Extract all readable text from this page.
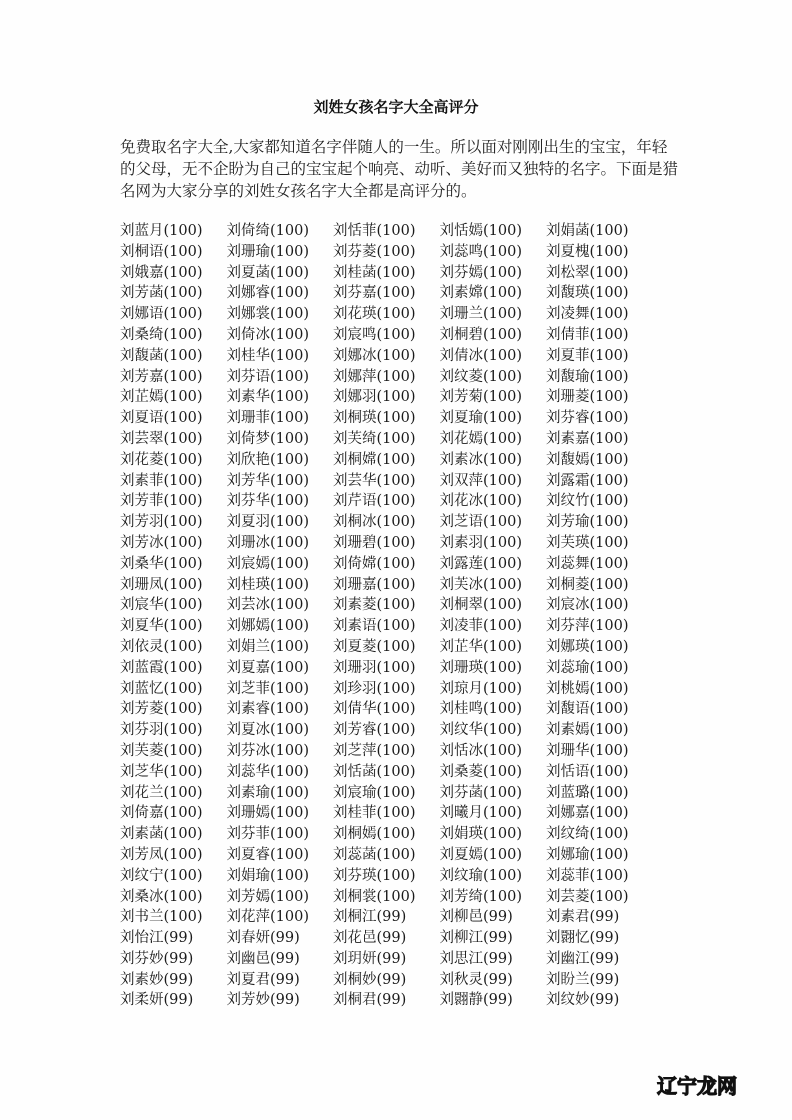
刘姓女孩名字大全高评分
免费取名字大全,大家都知道名字伴随人的一生。所以面对刚刚出生的宝宝，年轻的父母，无不企盼为自己的宝宝起个响亮、动听、美好而又独特的名字。下面是猎名网为大家分享的刘姓女孩名字大全都是高评分的。
刘蓝月(100)	刘倚绮(100)	刘恬菲(100)	刘恬嫣(100)	刘娟菡(100)
刘桐语(100)	刘珊瑜(100)	刘芬菱(100)	刘蕊鸣(100)	刘夏槐(100)
刘娥嘉(100)	刘夏菡(100)	刘桂菡(100)	刘芬嫣(100)	刘松翠(100)
刘芳菡(100)	刘娜睿(100)	刘芬嘉(100)	刘素嫦(100)	刘馥瑛(100)
刘娜语(100)	刘娜裳(100)	刘花瑛(100)	刘珊兰(100)	刘凌舞(100)
刘桑绮(100)	刘倚冰(100)	刘宸鸣(100)	刘桐碧(100)	刘倩菲(100)
刘馥菡(100)	刘桂华(100)	刘娜冰(100)	刘倩冰(100)	刘夏菲(100)
刘芳嘉(100)	刘芬语(100)	刘娜萍(100)	刘纹菱(100)	刘馥瑜(100)
刘芷嫣(100)	刘素华(100)	刘娜羽(100)	刘芳菊(100)	刘珊菱(100)
刘夏语(100)	刘珊菲(100)	刘桐瑛(100)	刘夏瑜(100)	刘芬睿(100)
刘芸翠(100)	刘倚梦(100)	刘芙绮(100)	刘花嫣(100)	刘素嘉(100)
刘花菱(100)	刘欣艳(100)	刘桐嫦(100)	刘素冰(100)	刘馥嫣(100)
刘素菲(100)	刘芳华(100)	刘芸华(100)	刘双萍(100)	刘露霜(100)
刘芳菲(100)	刘芬华(100)	刘芹语(100)	刘花冰(100)	刘纹竹(100)
刘芳羽(100)	刘夏羽(100)	刘桐冰(100)	刘芝语(100)	刘芳瑜(100)
刘芳冰(100)	刘珊冰(100)	刘珊碧(100)	刘素羽(100)	刘芙瑛(100)
刘桑华(100)	刘宸嫣(100)	刘倚嫦(100)	刘露莲(100)	刘蕊舞(100)
刘珊凤(100)	刘桂瑛(100)	刘珊嘉(100)	刘芙冰(100)	刘桐菱(100)
刘宸华(100)	刘芸冰(100)	刘素菱(100)	刘桐翠(100)	刘宸冰(100)
刘夏华(100)	刘娜嫣(100)	刘素语(100)	刘凌菲(100)	刘芬萍(100)
刘依灵(100)	刘娟兰(100)	刘夏菱(100)	刘芷华(100)	刘娜瑛(100)
刘蓝霞(100)	刘夏嘉(100)	刘珊羽(100)	刘珊瑛(100)	刘蕊瑜(100)
刘蓝忆(100)	刘芝菲(100)	刘珍羽(100)	刘琼月(100)	刘桃嫣(100)
刘芳菱(100)	刘素睿(100)	刘倩华(100)	刘桂鸣(100)	刘馥语(100)
刘芬羽(100)	刘夏冰(100)	刘芳睿(100)	刘纹华(100)	刘素嫣(100)
刘芙菱(100)	刘芬冰(100)	刘芝萍(100)	刘恬冰(100)	刘珊华(100)
刘芝华(100)	刘蕊华(100)	刘恬菡(100)	刘桑菱(100)	刘恬语(100)
刘花兰(100)	刘素瑜(100)	刘宸瑜(100)	刘芬菡(100)	刘蓝璐(100)
刘倚嘉(100)	刘珊嫣(100)	刘桂菲(100)	刘曦月(100)	刘娜嘉(100)
刘素菡(100)	刘芬菲(100)	刘桐嫣(100)	刘娟瑛(100)	刘纹绮(100)
刘芳凤(100)	刘夏睿(100)	刘蕊菡(100)	刘夏嫣(100)	刘娜瑜(100)
刘纹宁(100)	刘娟瑜(100)	刘芬瑛(100)	刘纹瑜(100)	刘蕊菲(100)
刘桑冰(100)	刘芳嫣(100)	刘桐裳(100)	刘芳绮(100)	刘芸菱(100)
刘书兰(100)	刘花萍(100)	刘桐江(99)	刘柳邑(99)	刘素君(99)
刘怡江(99)	刘春妍(99)	刘花邑(99)	刘柳江(99)	刘翾忆(99)
刘芬妙(99)	刘幽邑(99)	刘玥妍(99)	刘思江(99)	刘幽江(99)
刘素妙(99)	刘夏君(99)	刘桐妙(99)	刘秋灵(99)	刘盼兰(99)
刘柔妍(99)	刘芳妙(99)	刘桐君(99)	刘翾静(99)	刘纹妙(99)
辽宁龙网
